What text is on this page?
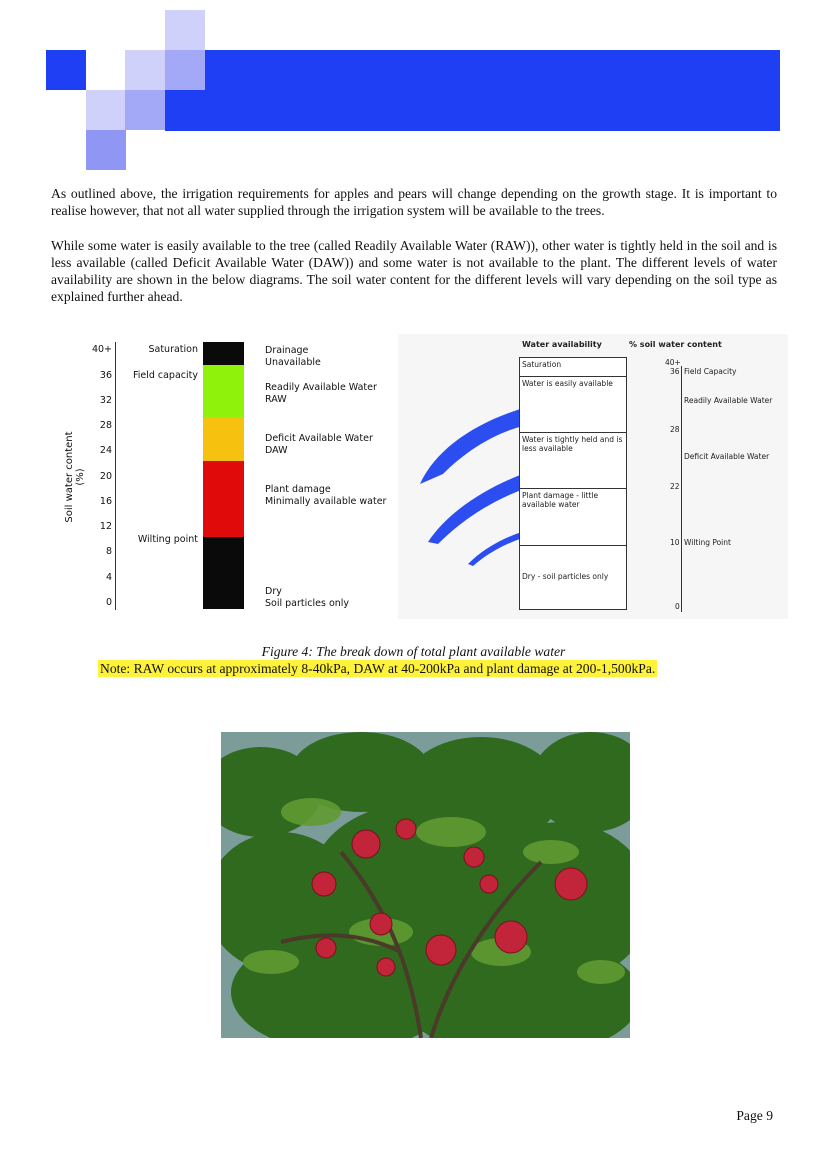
As outlined above, the irrigation requirements for apples and pears will change depending on the growth stage. It is important to realise however, that not all water supplied through the irrigation system will be available to the trees.

While some water is easily available to the tree (called Readily Available Water (RAW)), other water is tightly held in the soil and is less available (called Deficit Available Water (DAW)) and some water is not available to the plant. The different levels of water availability are shown in the below diagrams. The soil water content for the different levels will vary depending on the soil type as explained further ahead.

Soil water content (%)
40+
36
32
28
24
20
16
12
8
4
0
Saturation
Field capacity
Wilting point
Drainage
Unavailable
Readily Available Water
RAW
Deficit Available Water
DAW
Plant damage
Minimally available water
Dry
Soil particles only
Water availability	% soil water content
Saturation
Water is easily available
Water is tightly held and is less available
Plant damage - little available water
Dry - soil particles only
40+
36 Field Capacity
Readily Available Water
28
Deficit Available Water
22
10 Wilting Point
0
Figure 4: The break down of total plant available water
Note: RAW occurs at approximately 8-40kPa, DAW at 40-200kPa and plant damage at 200-1,500kPa.
Page 9
